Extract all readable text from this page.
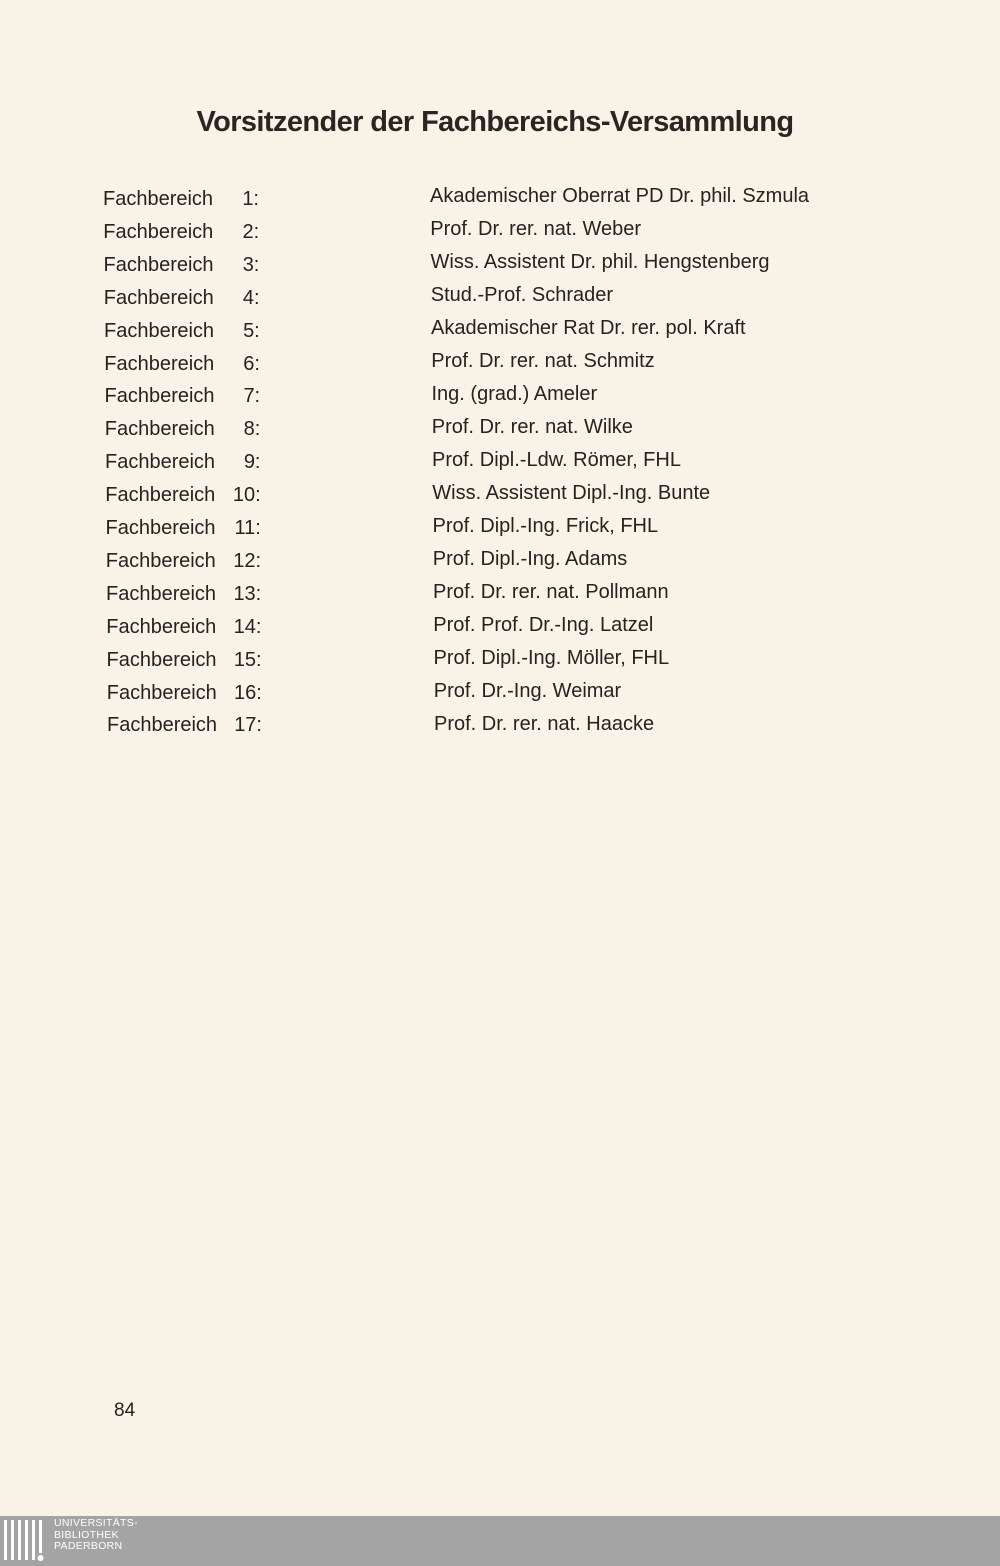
Vorsitzender der Fachbereichs-Versammlung
Fachbereich	1:	Akademischer Oberrat PD Dr. phil. Szmula
Fachbereich	2:	Prof. Dr. rer. nat. Weber
Fachbereich	3:	Wiss. Assistent Dr. phil. Hengstenberg
Fachbereich	4:	Stud.-Prof. Schrader
Fachbereich	5:	Akademischer Rat Dr. rer. pol. Kraft
Fachbereich	6:	Prof. Dr. rer. nat. Schmitz
Fachbereich	7:	Ing. (grad.) Ameler
Fachbereich	8:	Prof. Dr. rer. nat. Wilke
Fachbereich	9:	Prof. Dipl.-Ldw. Römer, FHL
Fachbereich 10:	Wiss. Assistent Dipl.-Ing. Bunte
Fachbereich 11:	Prof. Dipl.-Ing. Frick, FHL
Fachbereich 12:	Prof. Dipl.-Ing. Adams
Fachbereich 13:	Prof. Dr. rer. nat. Pollmann
Fachbereich 14:	Prof. Prof. Dr.-Ing. Latzel
Fachbereich 15:	Prof. Dipl.-Ing. Möller, FHL
Fachbereich 16:	Prof. Dr.-Ing. Weimar
Fachbereich 17:	Prof. Dr. rer. nat. Haacke
84
UNIVERSITÄTS-
BIBLIOTHEK
PADERBORN
